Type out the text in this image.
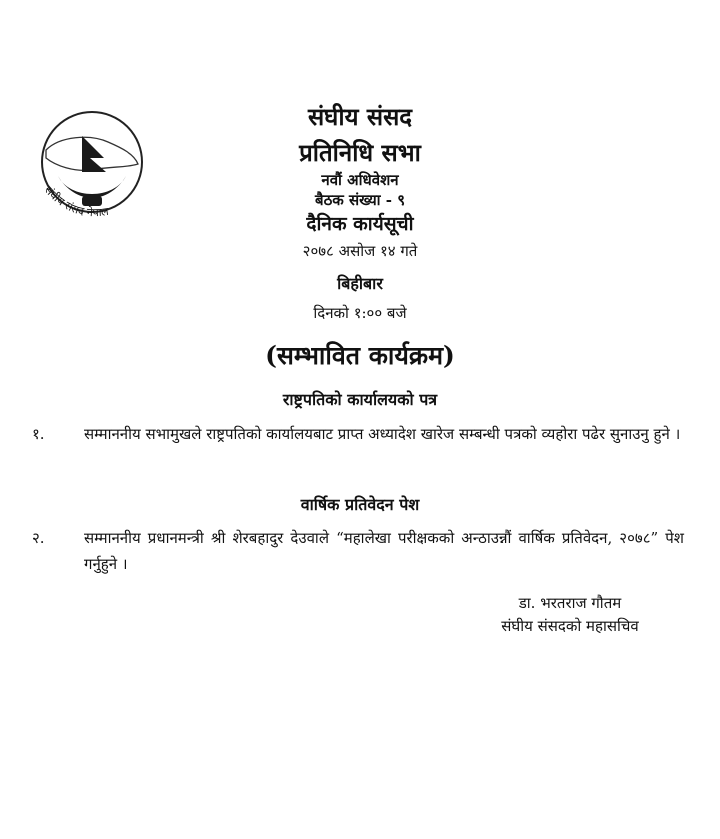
संघीय संसद नेपाल
संघीय संसद
प्रतिनिधि सभा
नवौं अधिवेशन
बैठक संख्या - ९
दैनिक कार्यसूची
२०७८ असोज १४ गते
बिहीबार
दिनको १:०० बजे
(सम्भावित कार्यक्रम)
राष्ट्रपतिको कार्यालयको पत्र
१.	सम्माननीय सभामुखले राष्ट्रपतिको कार्यालयबाट प्राप्त अध्यादेश खारेज सम्बन्धी पत्रको व्यहोरा पढेर सुनाउनु हुने ।
वार्षिक प्रतिवेदन पेश
२.	सम्माननीय प्रधानमन्त्री श्री शेरबहादुर देउवाले “महालेखा परीक्षकको अन्ठाउन्नौं वार्षिक प्रतिवेदन, २०७८” पेश गर्नुहुने ।
डा. भरतराज गौतम
संघीय संसदको महासचिव
